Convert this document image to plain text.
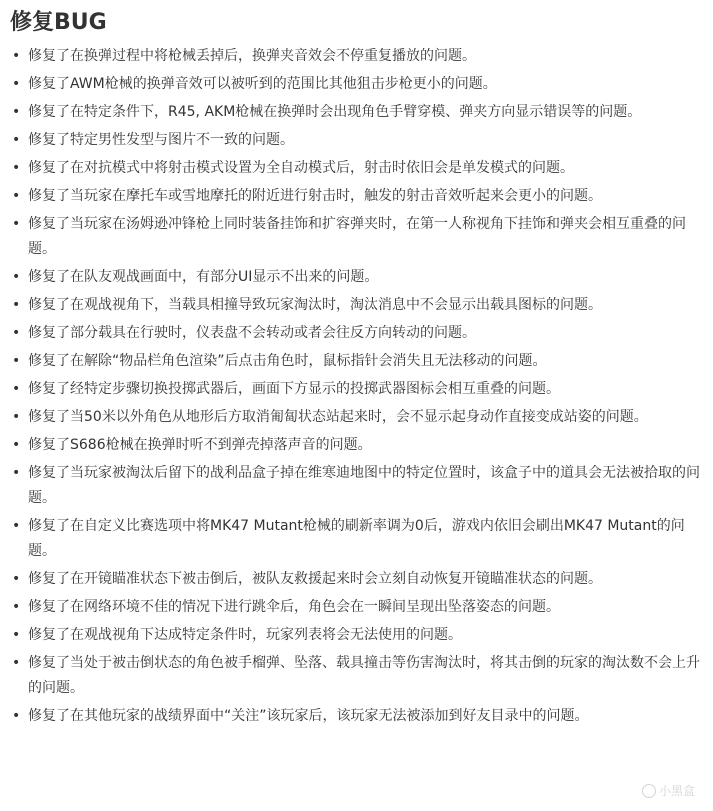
修复BUG
• 修复了在换弹过程中将枪械丢掉后，换弹夹音效会不停重复播放的问题。
• 修复了AWM枪械的换弹音效可以被听到的范围比其他狙击步枪更小的问题。
• 修复了在特定条件下，R45, AKM枪械在换弹时会出现角色手臂穿模、弹夹方向显示错误等的问题。
• 修复了特定男性发型与图片不一致的问题。
• 修复了在对抗模式中将射击模式设置为全自动模式后，射击时依旧会是单发模式的问题。
• 修复了当玩家在摩托车或雪地摩托的附近进行射击时，触发的射击音效听起来会更小的问题。
• 修复了当玩家在汤姆逊冲锋枪上同时装备挂饰和扩容弹夹时，在第一人称视角下挂饰和弹夹会相互重叠的问题。
• 修复了在队友观战画面中，有部分UI显示不出来的问题。
• 修复了在观战视角下，当载具相撞导致玩家淘汰时，淘汰消息中不会显示出载具图标的问题。
• 修复了部分载具在行驶时，仪表盘不会转动或者会往反方向转动的问题。
• 修复了在解除“物品栏角色渲染”后点击角色时，鼠标指针会消失且无法移动的问题。
• 修复了经特定步骤切换投掷武器后，画面下方显示的投掷武器图标会相互重叠的问题。
• 修复了当50米以外角色从地形后方取消匍匐状态站起来时，会不显示起身动作直接变成站姿的问题。
• 修复了S686枪械在换弹时听不到弹壳掉落声音的问题。
• 修复了当玩家被淘汰后留下的战利品盒子掉在维寒迪地图中的特定位置时，该盒子中的道具会无法被拾取的问题。
• 修复了在自定义比赛选项中将MK47 Mutant枪械的刷新率调为0后，游戏内依旧会刷出MK47 Mutant的问题。
• 修复了在开镜瞄准状态下被击倒后，被队友救援起来时会立刻自动恢复开镜瞄准状态的问题。
• 修复了在网络环境不佳的情况下进行跳伞后，角色会在一瞬间呈现出坠落姿态的问题。
• 修复了在观战视角下达成特定条件时，玩家列表将会无法使用的问题。
• 修复了当处于被击倒状态的角色被手榴弹、坠落、载具撞击等伤害淘汰时，将其击倒的玩家的淘汰数不会上升的问题。
• 修复了在其他玩家的战绩界面中“关注”该玩家后，该玩家无法被添加到好友目录中的问题。
小黑盒
